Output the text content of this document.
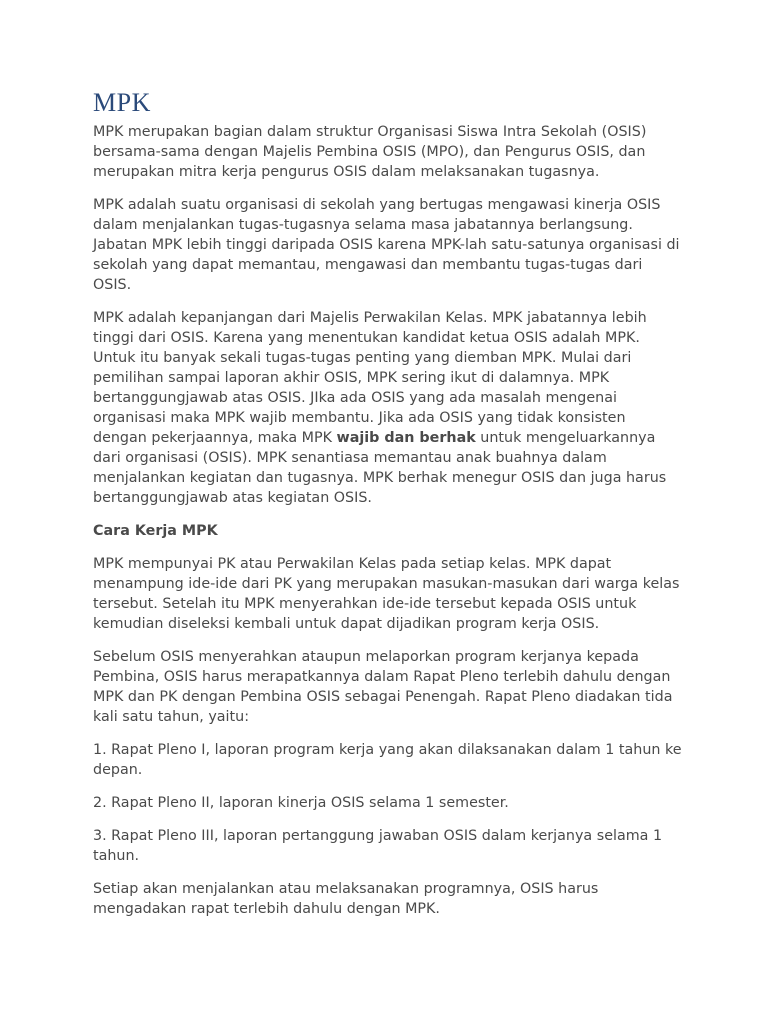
MPK

MPK merupakan bagian dalam struktur Organisasi Siswa Intra Sekolah (OSIS) bersama-sama dengan Majelis Pembina OSIS (MPO), dan Pengurus OSIS, dan merupakan mitra kerja pengurus OSIS dalam melaksanakan tugasnya.

MPK adalah suatu organisasi di sekolah yang bertugas mengawasi kinerja OSIS dalam menjalankan tugas-tugasnya selama masa jabatannya berlangsung. Jabatan MPK lebih tinggi daripada OSIS karena MPK-lah satu-satunya organisasi di sekolah yang dapat memantau, mengawasi dan membantu tugas-tugas dari OSIS.

MPK adalah kepanjangan dari Majelis Perwakilan Kelas. MPK jabatannya lebih tinggi dari OSIS. Karena yang menentukan kandidat ketua OSIS adalah MPK. Untuk itu banyak sekali tugas-tugas penting yang diemban MPK. Mulai dari pemilihan sampai laporan akhir OSIS, MPK sering ikut di dalamnya. MPK bertanggungjawab atas OSIS. JIka ada OSIS yang ada masalah mengenai organisasi maka MPK wajib membantu. Jika ada OSIS yang tidak konsisten dengan pekerjaannya, maka MPK wajib dan berhak untuk mengeluarkannya dari organisasi (OSIS). MPK senantiasa memantau anak buahnya dalam menjalankan kegiatan dan tugasnya. MPK berhak menegur OSIS dan juga harus bertanggungjawab atas kegiatan OSIS.

Cara Kerja MPK

MPK mempunyai PK atau Perwakilan Kelas pada setiap kelas. MPK dapat menampung ide-ide dari PK yang merupakan masukan-masukan dari warga kelas tersebut. Setelah itu MPK menyerahkan ide-ide tersebut kepada OSIS untuk kemudian diseleksi kembali untuk dapat dijadikan program kerja OSIS.

Sebelum OSIS menyerahkan ataupun melaporkan program kerjanya kepada Pembina, OSIS harus merapatkannya dalam Rapat Pleno terlebih dahulu dengan MPK dan PK dengan Pembina OSIS sebagai Penengah. Rapat Pleno diadakan tida kali satu tahun, yaitu:

1. Rapat Pleno I, laporan program kerja yang akan dilaksanakan dalam 1 tahun ke depan.

2. Rapat Pleno II, laporan kinerja OSIS selama 1 semester.

3. Rapat Pleno III, laporan pertanggung jawaban OSIS dalam kerjanya selama 1 tahun.

Setiap akan menjalankan atau melaksanakan programnya, OSIS harus mengadakan rapat terlebih dahulu dengan MPK.
